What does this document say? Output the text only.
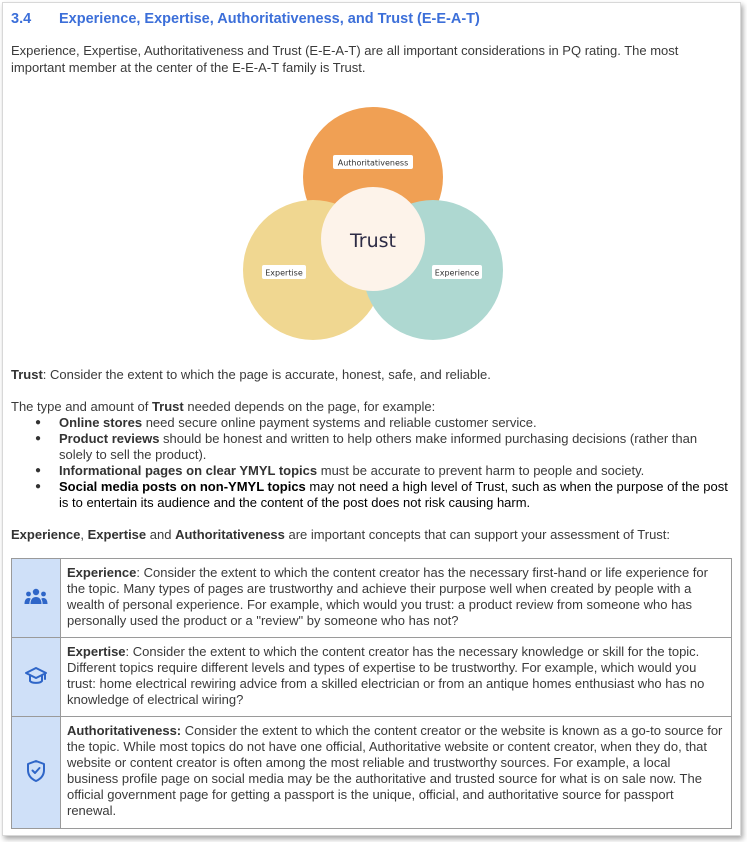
3.4 Experience, Expertise, Authoritativeness, and Trust (E-E-A-T)
Experience, Expertise, Authoritativeness and Trust (E-E-A-T) are all important considerations in PQ rating. The most important member at the center of the E-E-A-T family is Trust.
Authoritativeness
Expertise	Experience
Trust
Trust: Consider the extent to which the page is accurate, honest, safe, and reliable.
The type and amount of Trust needed depends on the page, for example:
● Online stores need secure online payment systems and reliable customer service.
● Product reviews should be honest and written to help others make informed purchasing decisions (rather than solely to sell the product).
● Informational pages on clear YMYL topics must be accurate to prevent harm to people and society.
● Social media posts on non-YMYL topics may not need a high level of Trust, such as when the purpose of the post is to entertain its audience and the content of the post does not risk causing harm.
Experience, Expertise and Authoritativeness are important concepts that can support your assessment of Trust:
	Experience: Consider the extent to which the content creator has the necessary first-hand or life experience for the topic. Many types of pages are trustworthy and achieve their purpose well when created by people with a wealth of personal experience. For example, which would you trust: a product review from someone who has personally used the product or a "review" by someone who has not?
	Expertise: Consider the extent to which the content creator has the necessary knowledge or skill for the topic. Different topics require different levels and types of expertise to be trustworthy. For example, which would you trust: home electrical rewiring advice from a skilled electrician or from an antique homes enthusiast who has no knowledge of electrical wiring?
	Authoritativeness: Consider the extent to which the content creator or the website is known as a go-to source for the topic. While most topics do not have one official, Authoritative website or content creator, when they do, that website or content creator is often among the most reliable and trustworthy sources. For example, a local business profile page on social media may be the authoritative and trusted source for what is on sale now. The official government page for getting a passport is the unique, official, and authoritative source for passport renewal.
